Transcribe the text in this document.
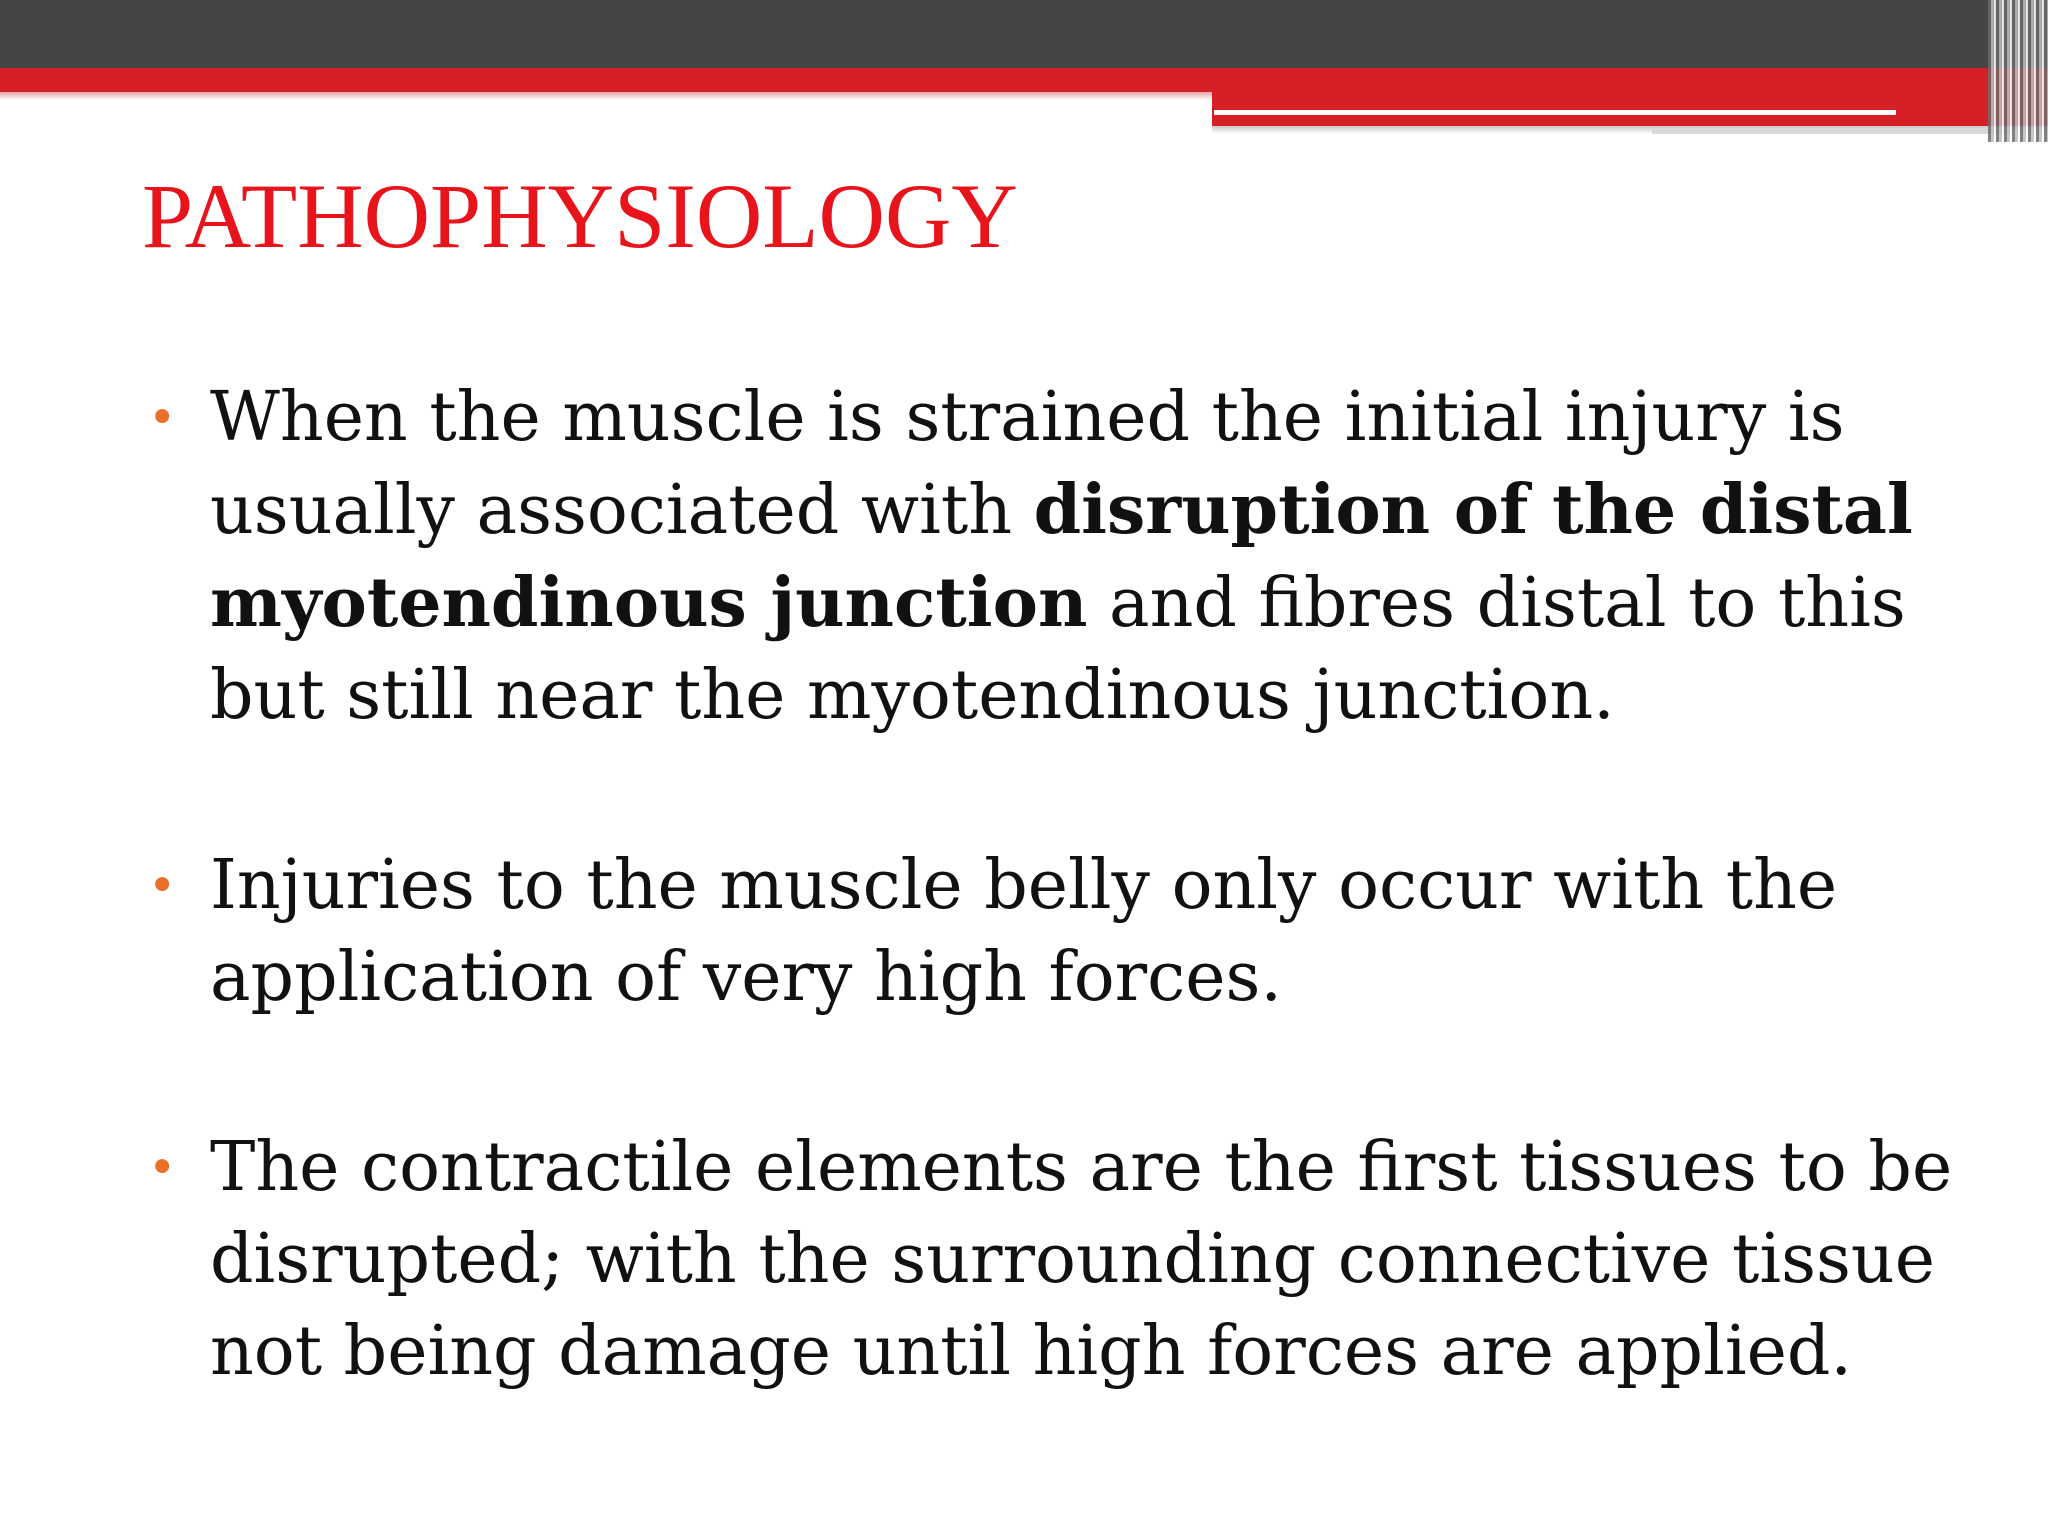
PATHOPHYSIOLOGY
• When the muscle is strained the initial injury is usually associated with disruption of the distal myotendinous junction and fibres distal to this but still near the myotendinous junction.
• Injuries to the muscle belly only occur with the application of very high forces.
• The contractile elements are the first tissues to be disrupted; with the surrounding connective tissue not being damage until high forces are applied.
